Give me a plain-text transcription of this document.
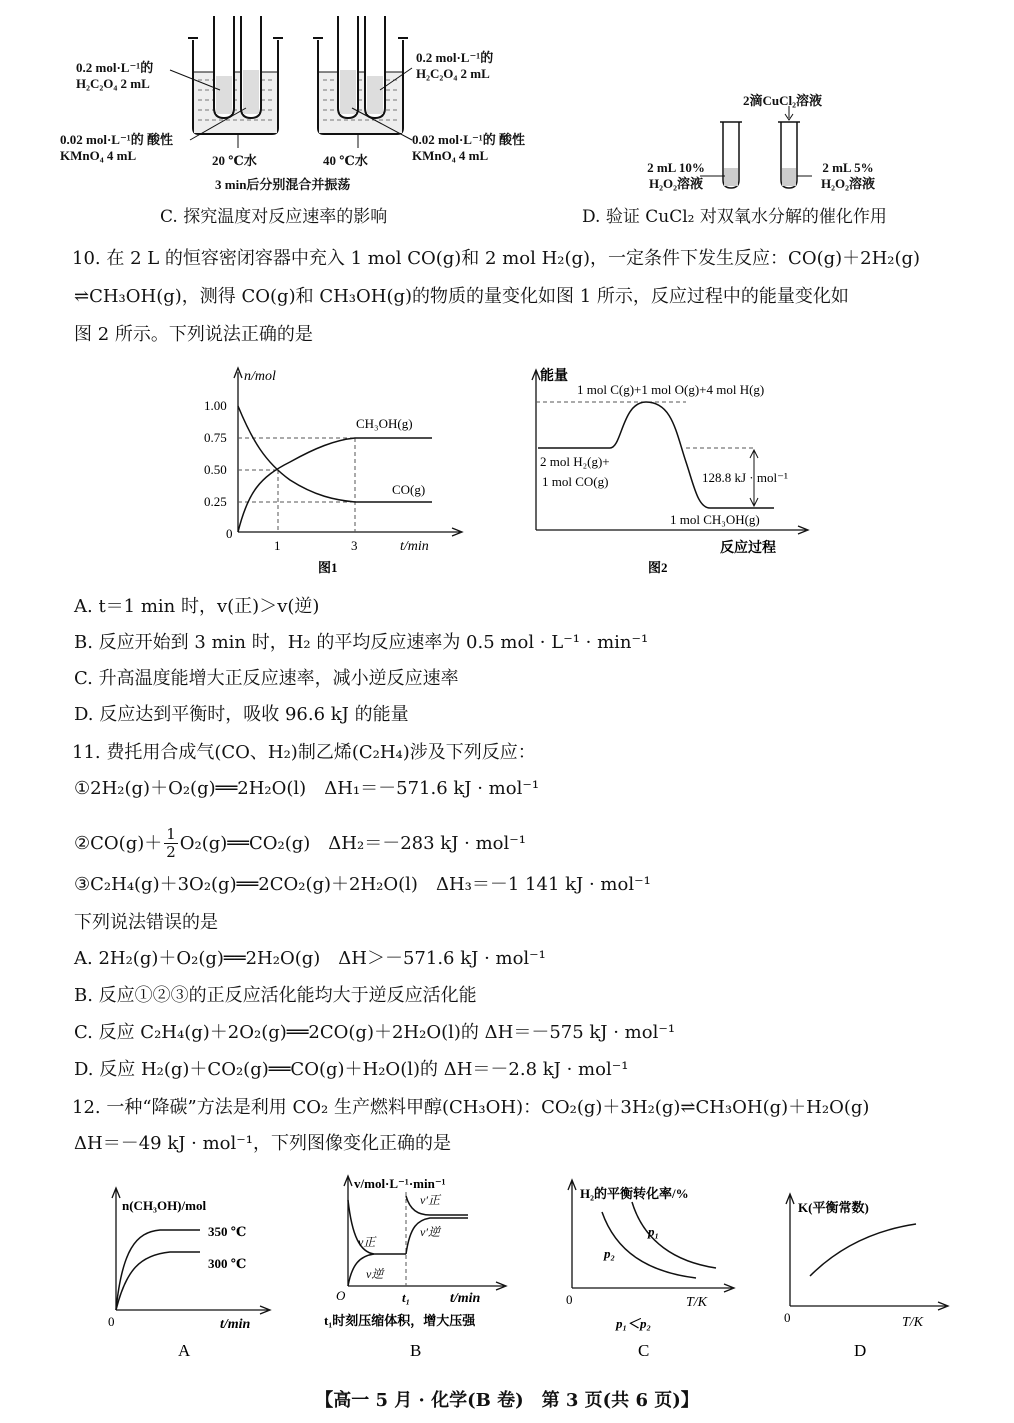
0.2 mol·L⁻¹的 H₂C₂O₄ 2 mL
0.2 mol·L⁻¹的 H₂C₂O₄ 2 mL
0.02 mol·L⁻¹的 酸性KMnO₄ 4 mL
0.02 mol·L⁻¹的 酸性KMnO₄ 4 mL
20 ℃水	40 ℃水
3 min后分别混合并振荡
C. 探究温度对反应速率的影响
2滴CuCl₂溶液
2 mL 10% H₂O₂溶液
2 mL 5% H₂O₂溶液
D. 验证 CuCl₂ 对双氧水分解的催化作用
10. 在 2 L 的恒容密闭容器中充入 1 mol CO(g)和 2 mol H₂(g)，一定条件下发生反应：CO(g)＋2H₂(g)
⇌CH₃OH(g)，测得 CO(g)和 CH₃OH(g)的物质的量变化如图 1 所示，反应过程中的能量变化如
图 2 所示。下列说法正确的是
n/mol
t/min
1.00
0.75
0.50
0.25
0
1	3
CH₃OH(g)
CO(g)
图1
能量
1 mol C(g)+1 mol O(g)+4 mol H(g)
2 mol H₂(g)+
1 mol CO(g)	128.8 kJ · mol⁻¹
1 mol CH₃OH(g)
反应过程
图2
A. t＝1 min 时，v(正)＞v(逆)
B. 反应开始到 3 min 时，H₂ 的平均反应速率为 0.5 mol · L⁻¹ · min⁻¹
C. 升高温度能增大正反应速率，减小逆反应速率
D. 反应达到平衡时，吸收 96.6 kJ 的能量
11. 费托用合成气(CO、H₂)制乙烯(C₂H₄)涉及下列反应：
①2H₂(g)＋O₂(g)══2H₂O(l)　ΔH₁＝－571.6 kJ · mol⁻¹
②CO(g)＋ $\frac{1}{2}$ O₂(g)══CO₂(g)　ΔH₂＝－283 kJ · mol⁻¹
③C₂H₄(g)＋3O₂(g)══2CO₂(g)＋2H₂O(l)　ΔH₃＝－1 141 kJ · mol⁻¹
下列说法错误的是
A. 2H₂(g)＋O₂(g)══2H₂O(g)　ΔH＞－571.6 kJ · mol⁻¹
B. 反应①②③的正反应活化能均大于逆反应活化能
C. 反应 C₂H₄(g)＋2O₂(g)══2CO(g)＋2H₂O(l)的 ΔH＝－575 kJ · mol⁻¹
D. 反应 H₂(g)＋CO₂(g)══CO(g)＋H₂O(l)的 ΔH＝－2.8 kJ · mol⁻¹
12. 一种“降碳”方法是利用 CO₂ 生产燃料甲醇(CH₃OH)：CO₂(g)＋3H₂(g)⇌CH₃OH(g)＋H₂O(g)
ΔH＝－49 kJ · mol⁻¹，下列图像变化正确的是
n(CH₃OH)/mol
350 ℃
300 ℃
0	t/min
A
v/mol·L⁻¹·min⁻¹
v正
v逆
v′正
v′逆
O	t₁	t/min
t₁时刻压缩体积，增大压强
B
H₂的平衡转化率/%
p₁
p₂
0	T/K
p₁＜p₂
C
K(平衡常数)
0	T/K
D
【高一 5 月 · 化学(B 卷)　第 3 页(共 6 页)】
